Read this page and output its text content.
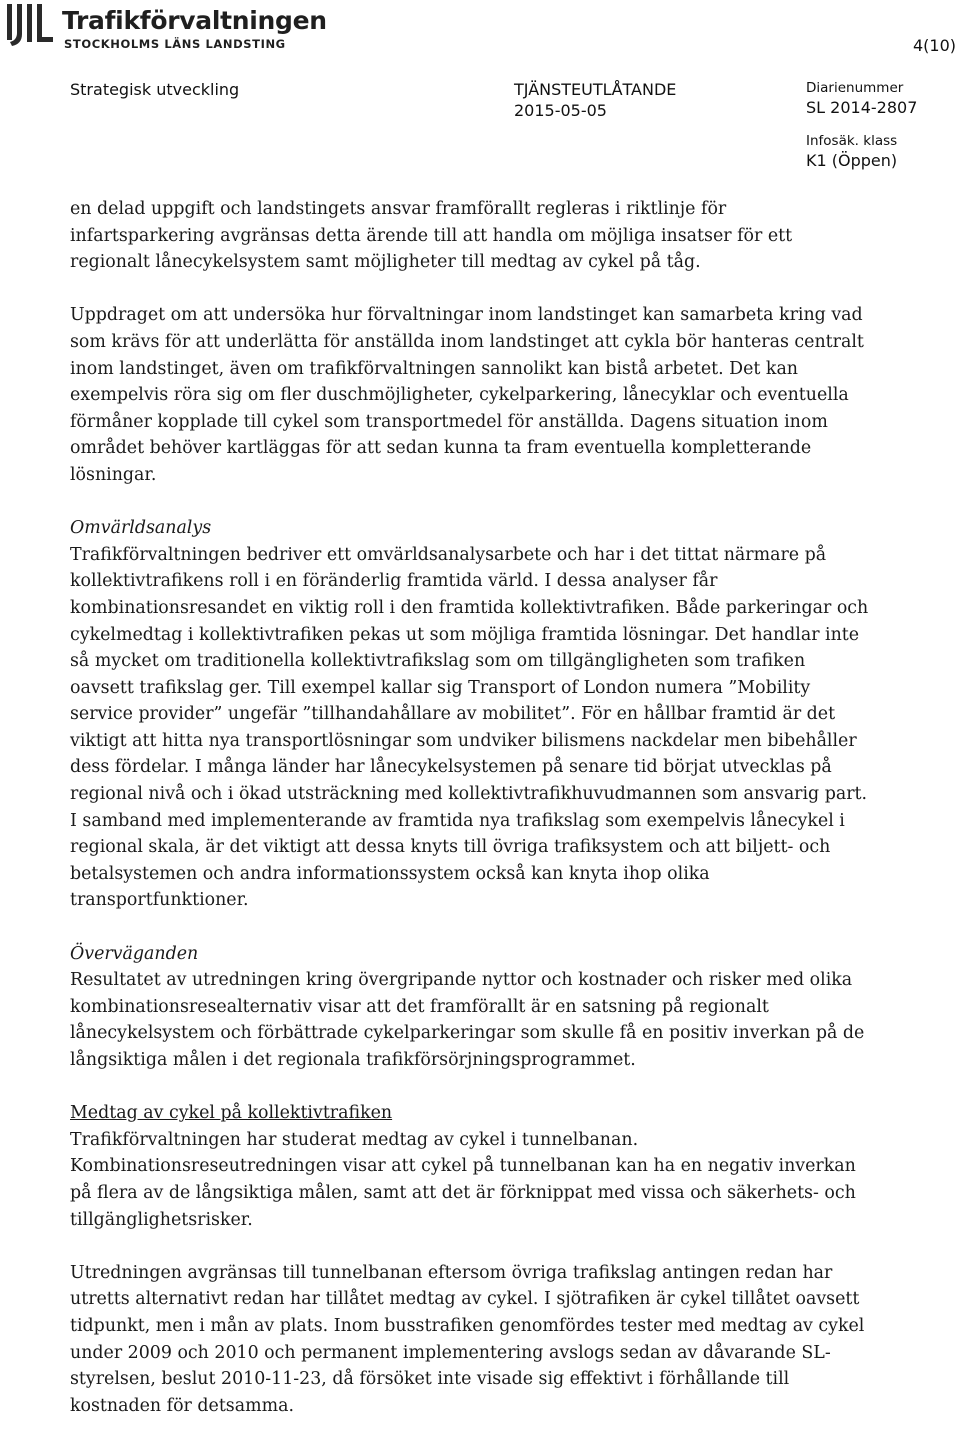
Trafikförvaltningen
STOCKHOLMS LÄNS LANDSTING	4(10)
Strategisk utveckling	TJÄNSTEUTLÅTANDE
2015-05-05
Diarienummer
SL 2014-2807
Infosäk. klass
K1 (Öppen)

en delad uppgift och landstingets ansvar framförallt regleras i riktlinje för infartsparkering avgränsas detta ärende till att handla om möjliga insatser för ett regionalt lånecykelsystem samt möjligheter till medtag av cykel på tåg.

Uppdraget om att undersöka hur förvaltningar inom landstinget kan samarbeta kring vad som krävs för att underlätta för anställda inom landstinget att cykla bör hanteras centralt inom landstinget, även om trafikförvaltningen sannolikt kan bistå arbetet. Det kan exempelvis röra sig om fler duschmöjligheter, cykelparkering, lånecyklar och eventuella förmåner kopplade till cykel som transportmedel för anställda. Dagens situation inom området behöver kartläggas för att sedan kunna ta fram eventuella kompletterande lösningar.

Omvärldsanalys

Trafikförvaltningen bedriver ett omvärldsanalysarbete och har i det tittat närmare på kollektivtrafikens roll i en föränderlig framtida värld. I dessa analyser får kombinationsresandet en viktig roll i den framtida kollektivtrafiken. Både parkeringar och cykelmedtag i kollektivtrafiken pekas ut som möjliga framtida lösningar. Det handlar inte så mycket om traditionella kollektivtrafikslag som om tillgängligheten som trafiken oavsett trafikslag ger. Till exempel kallar sig Transport of London numera ”Mobility service provider” ungefär ”tillhandahållare av mobilitet”. För en hållbar framtid är det viktigt att hitta nya transportlösningar som undviker bilismens nackdelar men bibehåller dess fördelar. I många länder har lånecykelsystemen på senare tid börjat utvecklas på regional nivå och i ökad utsträckning med kollektivtrafikhuvudmannen som ansvarig part. I samband med implementerande av framtida nya trafikslag som exempelvis lånecykel i regional skala, är det viktigt att dessa knyts till övriga trafiksystem och att biljett- och betalsystemen och andra informationssystem också kan knyta ihop olika transportfunktioner.

Överväganden

Resultatet av utredningen kring övergripande nyttor och kostnader och risker med olika kombinationsresealternativ visar att det framförallt är en satsning på regionalt lånecykelsystem och förbättrade cykelparkeringar som skulle få en positiv inverkan på de långsiktiga målen i det regionala trafikförsörjningsprogrammet.

Medtag av cykel på kollektivtrafiken

Trafikförvaltningen har studerat medtag av cykel i tunnelbanan. Kombinationsreseutredningen visar att cykel på tunnelbanan kan ha en negativ inverkan på flera av de långsiktiga målen, samt att det är förknippat med vissa och säkerhets- och tillgänglighetsrisker.

Utredningen avgränsas till tunnelbanan eftersom övriga trafikslag antingen redan har utretts alternativt redan har tillåtet medtag av cykel. I sjötrafiken är cykel tillåtet oavsett tidpunkt, men i mån av plats. Inom busstrafiken genomfördes tester med medtag av cykel under 2009 och 2010 och permanent implementering avslogs sedan av dåvarande SL-styrelsen, beslut 2010-11-23, då försöket inte visade sig effektivt i förhållande till kostnaden för detsamma.
